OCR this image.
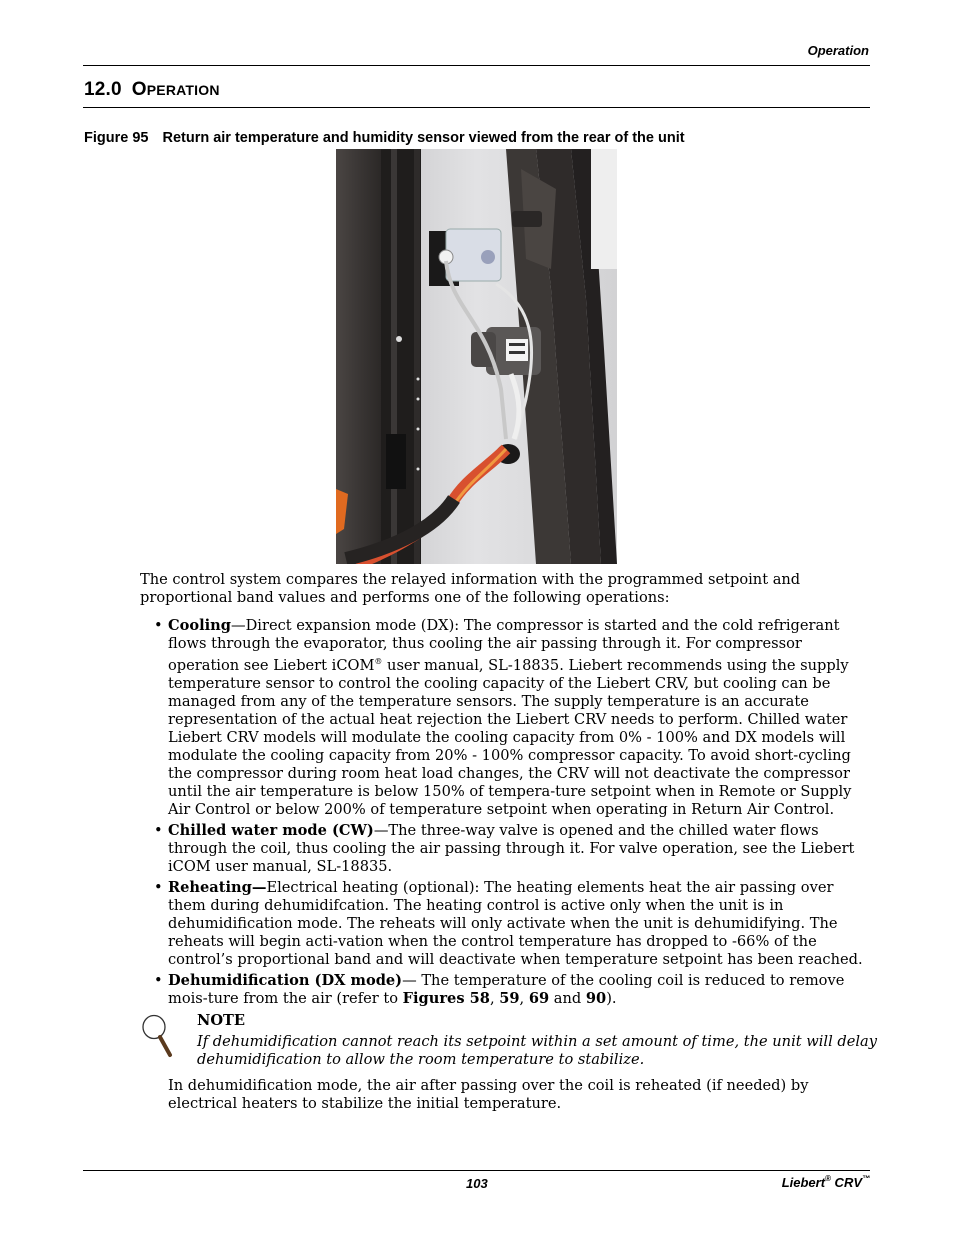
Operation
12.0 OPERATION
Figure 95 Return air temperature and humidity sensor viewed from the rear of the unit
The control system compares the relayed information with the programmed setpoint and proportional band values and performs one of the following operations:
• Cooling—Direct expansion mode (DX): The compressor is started and the cold refrigerant flows through the evaporator, thus cooling the air passing through it. For compressor operation see Liebert iCOM® user manual, SL-18835. Liebert recommends using the supply temperature sensor to control the cooling capacity of the Liebert CRV, but cooling can be managed from any of the temperature sensors. The supply temperature is an accurate representation of the actual heat rejection the Liebert CRV needs to perform. Chilled water Liebert CRV models will modulate the cooling capacity from 0% - 100% and DX models will modulate the cooling capacity from 20% - 100% compressor capacity. To avoid short-cycling the compressor during room heat load changes, the CRV will not deactivate the compressor until the air temperature is below 150% of tempera-ture setpoint when in Remote or Supply Air Control or below 200% of temperature setpoint when operating in Return Air Control.
• Chilled water mode (CW)—The three-way valve is opened and the chilled water flows through the coil, thus cooling the air passing through it. For valve operation, see the Liebert iCOM user manual, SL-18835.
• Reheating—Electrical heating (optional): The heating elements heat the air passing over them during dehumidifcation. The heating control is active only when the unit is in dehumidification mode. The reheats will only activate when the unit is dehumidifying. The reheats will begin acti-vation when the control temperature has dropped to -66% of the control’s proportional band and will deactivate when temperature setpoint has been reached.
• Dehumidification (DX mode)— The temperature of the cooling coil is reduced to remove mois-ture from the air (refer to Figures 58, 59, 69 and 90).
NOTE
If dehumidification cannot reach its setpoint within a set amount of time, the unit will delay dehumidification to allow the room temperature to stabilize.
In dehumidification mode, the air after passing over the coil is reheated (if needed) by electrical heaters to stabilize the initial temperature.
103	Liebert® CRV™
